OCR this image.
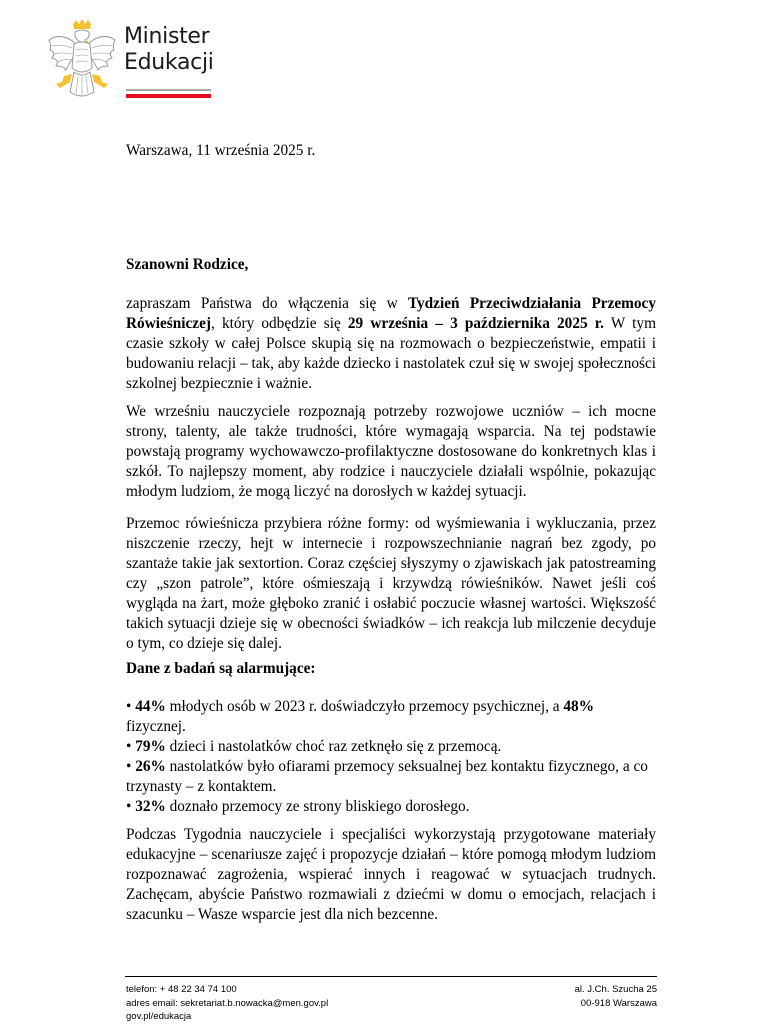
Minister
Edukacji
Warszawa, 11 września 2025 r.
Szanowni Rodzice,
zapraszam Państwa do włączenia się w Tydzień Przeciwdziałania Przemocy Rówieśniczej, który odbędzie się 29 września – 3 października 2025 r. W tym czasie szkoły w całej Polsce skupią się na rozmowach o bezpieczeństwie, empatii i budowaniu relacji – tak, aby każde dziecko i nastolatek czuł się w swojej społeczności szkolnej bezpiecznie i ważnie.
We wrześniu nauczyciele rozpoznają potrzeby rozwojowe uczniów – ich mocne strony, talenty, ale także trudności, które wymagają wsparcia. Na tej podstawie powstają programy wychowawczo-profilaktyczne dostosowane do konkretnych klas i szkół. To najlepszy moment, aby rodzice i nauczyciele działali wspólnie, pokazując młodym ludziom, że mogą liczyć na dorosłych w każdej sytuacji.
Przemoc rówieśnicza przybiera różne formy: od wyśmiewania i wykluczania, przez niszczenie rzeczy, hejt w internecie i rozpowszechnianie nagrań bez zgody, po szantaże takie jak sextortion. Coraz częściej słyszymy o zjawiskach jak patostreaming czy „szon patrole”, które ośmieszają i krzywdzą rówieśników. Nawet jeśli coś wygląda na żart, może głęboko zranić i osłabić poczucie własnej wartości. Większość takich sytuacji dzieje się w obecności świadków – ich reakcja lub milczenie decyduje o tym, co dzieje się dalej.
Dane z badań są alarmujące:
• 44% młodych osób w 2023 r. doświadczyło przemocy psychicznej, a 48% fizycznej.
• 79% dzieci i nastolatków choć raz zetknęło się z przemocą.
• 26% nastolatków było ofiarami przemocy seksualnej bez kontaktu fizycznego, a co trzynasty – z kontaktem.
• 32% doznało przemocy ze strony bliskiego dorosłego.
Podczas Tygodnia nauczyciele i specjaliści wykorzystają przygotowane materiały edukacyjne – scenariusze zajęć i propozycje działań – które pomogą młodym ludziom rozpoznawać zagrożenia, wspierać innych i reagować w sytuacjach trudnych. Zachęcam, abyście Państwo rozmawiali z dziećmi w domu o emocjach, relacjach i szacunku – Wasze wsparcie jest dla nich bezcenne.
telefon: + 48 22 34 74 100
adres email: sekretariat.b.nowacka@men.gov.pl
gov.pl/edukacja
al. J.Ch. Szucha 25
00-918 Warszawa
